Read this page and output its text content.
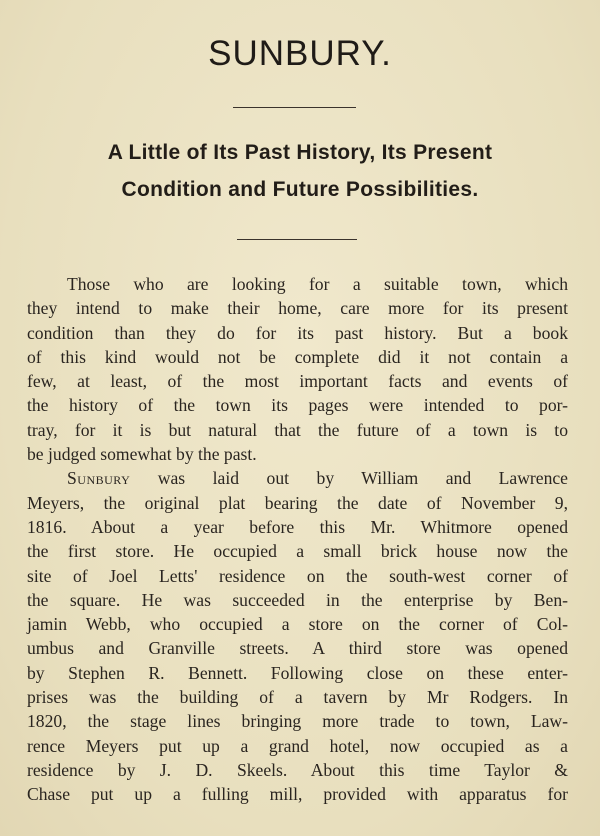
SUNBURY.
A Little of Its Past History, Its Present
Condition and Future Possibilities.
Those who are looking for a suitable town, which
they intend to make their home, care more for its present
condition than they do for its past history. But a book
of this kind would not be complete did it not contain a
few, at least, of the most important facts and events of
the history of the town its pages were intended to por-
tray, for it is but natural that the future of a town is to
be judged somewhat by the past.
Sunbury was laid out by William and Lawrence
Meyers, the original plat bearing the date of November 9,
1816. About a year before this Mr. Whitmore opened
the first store. He occupied a small brick house now the
site of Joel Letts' residence on the south-west corner of
the square. He was succeeded in the enterprise by Ben-
jamin Webb, who occupied a store on the corner of Col-
umbus and Granville streets. A third store was opened
by Stephen R. Bennett. Following close on these enter-
prises was the building of a tavern by Mr Rodgers. In
1820, the stage lines bringing more trade to town, Law-
rence Meyers put up a grand hotel, now occupied as a
residence by J. D. Skeels. About this time Taylor &
Chase put up a fulling mill, provided with apparatus for
